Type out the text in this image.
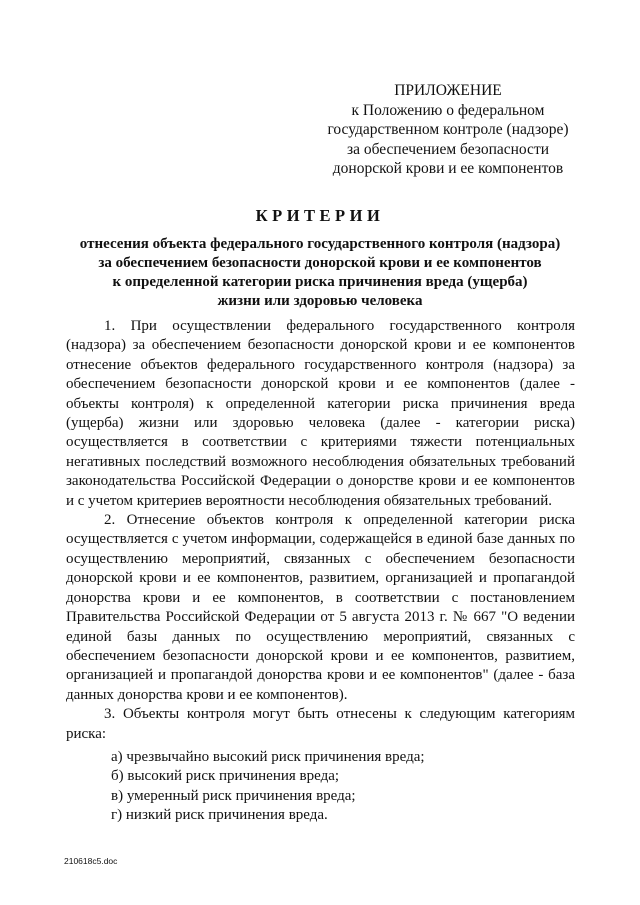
ПРИЛОЖЕНИЕ
к Положению о федеральном
государственном контроле (надзоре)
за обеспечением безопасности
донорской крови и ее компонентов
КРИТЕРИИ
отнесения объекта федерального государственного контроля (надзора)
за обеспечением безопасности донорской крови и ее компонентов
к определенной категории риска причинения вреда (ущерба)
жизни или здоровью человека

1. При осуществлении федерального государственного контроля (надзора) за обеспечением безопасности донорской крови и ее компонентов отнесение объектов федерального государственного контроля (надзора) за обеспечением безопасности донорской крови и ее компонентов (далее - объекты контроля) к определенной категории риска причинения вреда (ущерба) жизни или здоровью человека (далее - категории риска) осуществляется в соответствии с критериями тяжести потенциальных негативных последствий возможного несоблюдения обязательных требований законодательства Российской Федерации о донорстве крови и ее компонентов и с учетом критериев вероятности несоблюдения обязательных требований.

2. Отнесение объектов контроля к определенной категории риска осуществляется с учетом информации, содержащейся в единой базе данных по осуществлению мероприятий, связанных с обеспечением безопасности донорской крови и ее компонентов, развитием, организацией и пропагандой донорства крови и ее компонентов, в соответствии с постановлением Правительства Российской Федерации от 5 августа 2013 г. № 667 "О ведении единой базы данных по осуществлению мероприятий, связанных с обеспечением безопасности донорской крови и ее компонентов, развитием, организацией и пропагандой донорства крови и ее компонентов" (далее - база данных донорства крови и ее компонентов).

3. Объекты контроля могут быть отнесены к следующим категориям риска:

а) чрезвычайно высокий риск причинения вреда;
б) высокий риск причинения вреда;
в) умеренный риск причинения вреда;
г) низкий риск причинения вреда.
210618c5.doc
